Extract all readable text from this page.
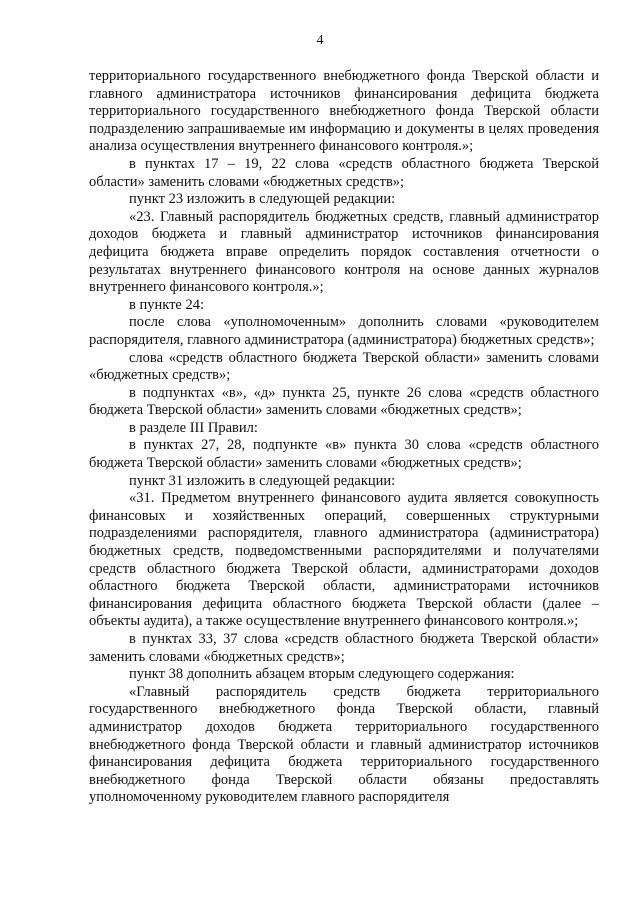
4

территориального государственного внебюджетного фонда Тверской области и главного администратора источников финансирования дефицита бюджета территориального государственного внебюджетного фонда Тверской области подразделению запрашиваемые им информацию и документы в целях проведения анализа осуществления внутреннего финансового контроля.»;

в пунктах 17 – 19, 22 слова «средств областного бюджета Тверской области» заменить словами «бюджетных средств»;

пункт 23 изложить в следующей редакции:

«23. Главный распорядитель бюджетных средств, главный администратор доходов бюджета и главный администратор источников финансирования дефицита бюджета вправе определить порядок составления отчетности о результатах внутреннего финансового контроля на основе данных журналов внутреннего финансового контроля.»;

в пункте 24:

после слова «уполномоченным» дополнить словами «руководителем распорядителя, главного администратора (администратора) бюджетных средств»;

слова «средств областного бюджета Тверской области» заменить словами «бюджетных средств»;

в подпунктах «в», «д» пункта 25, пункте 26 слова «средств областного бюджета Тверской области» заменить словами «бюджетных средств»;

в разделе III Правил:

в пунктах 27, 28, подпункте «в» пункта 30 слова «средств областного бюджета Тверской области» заменить словами «бюджетных средств»;

пункт 31 изложить в следующей редакции:

«31. Предметом внутреннего финансового аудита является совокупность финансовых и хозяйственных операций, совершенных структурными подразделениями распорядителя, главного администратора (администратора) бюджетных средств, подведомственными распорядителями и получателями средств областного бюджета Тверской области, администраторами доходов областного бюджета Тверской области, администраторами источников финансирования дефицита областного бюджета Тверской области (далее – объекты аудита), а также осуществление внутреннего финансового контроля.»;

в пунктах 33, 37 слова «средств областного бюджета Тверской области» заменить словами «бюджетных средств»;

пункт 38 дополнить абзацем вторым следующего содержания:

«Главный распорядитель средств бюджета территориального государственного внебюджетного фонда Тверской области, главный администратор доходов бюджета территориального государственного внебюджетного фонда Тверской области и главный администратор источников финансирования дефицита бюджета территориального государственного внебюджетного фонда Тверской области обязаны предоставлять уполномоченному руководителем главного распорядителя
